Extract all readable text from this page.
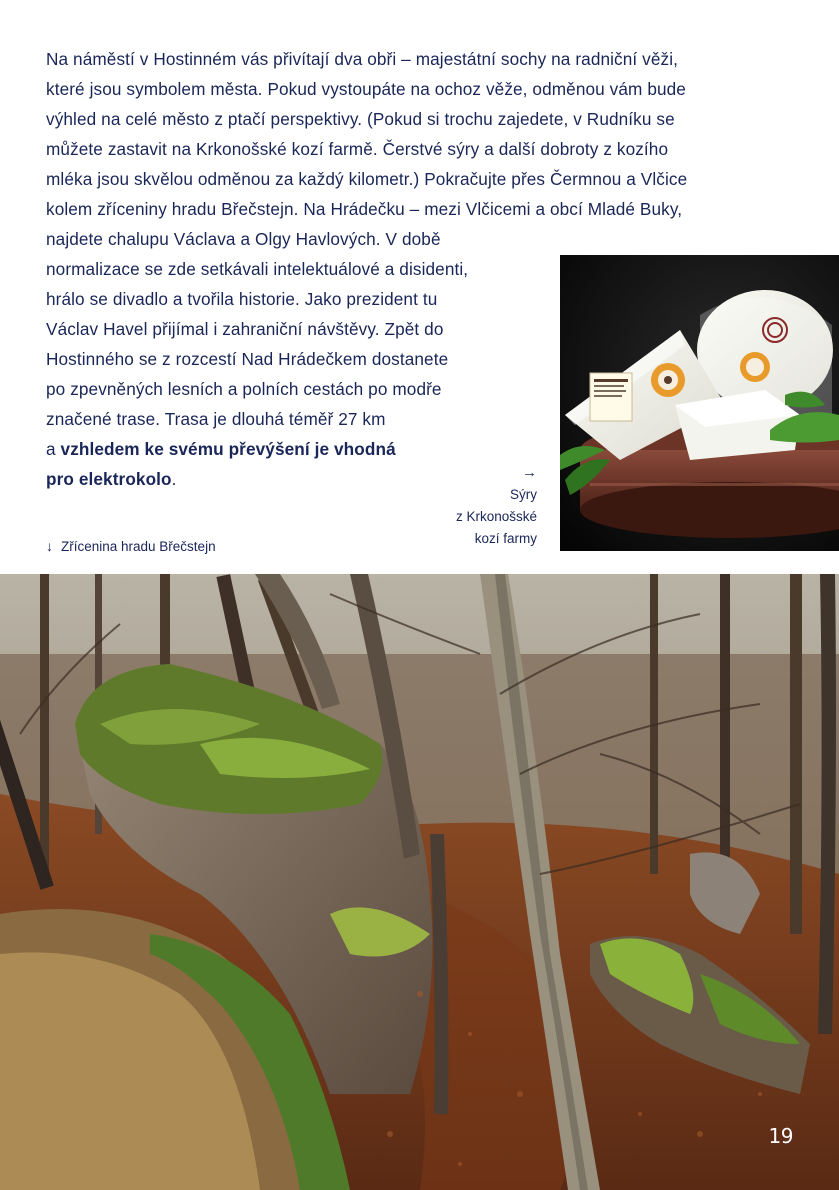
Na náměstí v Hostinném vás přivítají dva obři – majestátní sochy na radniční věži,
které jsou symbolem města. Pokud vystoupáte na ochoz věže, odměnou vám bude
výhled na celé město z ptačí perspektivy. (Pokud si trochu zajedete, v Rudníku se
můžete zastavit na Krkonošské kozí farmě. Čerstvé sýry a další dobroty z kozího
mléka jsou skvělou odměnou za každý kilometr.) Pokračujte přes Čermnou a Vlčice
kolem zříceniny hradu Břečstejn. Na Hrádečku – mezi Vlčicemi a obcí Mladé Buky,
najdete chalupu Václava a Olgy Havlových. V době
normalizace se zde setkávali intelektuálové a disidenti,
hrálo se divadlo a tvořila historie. Jako prezident tu
Václav Havel přijímal i zahraniční návštěvy. Zpět do
Hostinného se z rozcestí Nad Hrádečkem dostanete
po zpevněných lesních a polních cestách po modře
značené trase. Trasa je dlouhá téměř 27 km
a vzhledem ke svému převýšení je vhodná
pro elektrokolo.	→
Sýry
z Krkonošské
kozí farmy
↓ Zřícenina hradu Břečstejn
19
